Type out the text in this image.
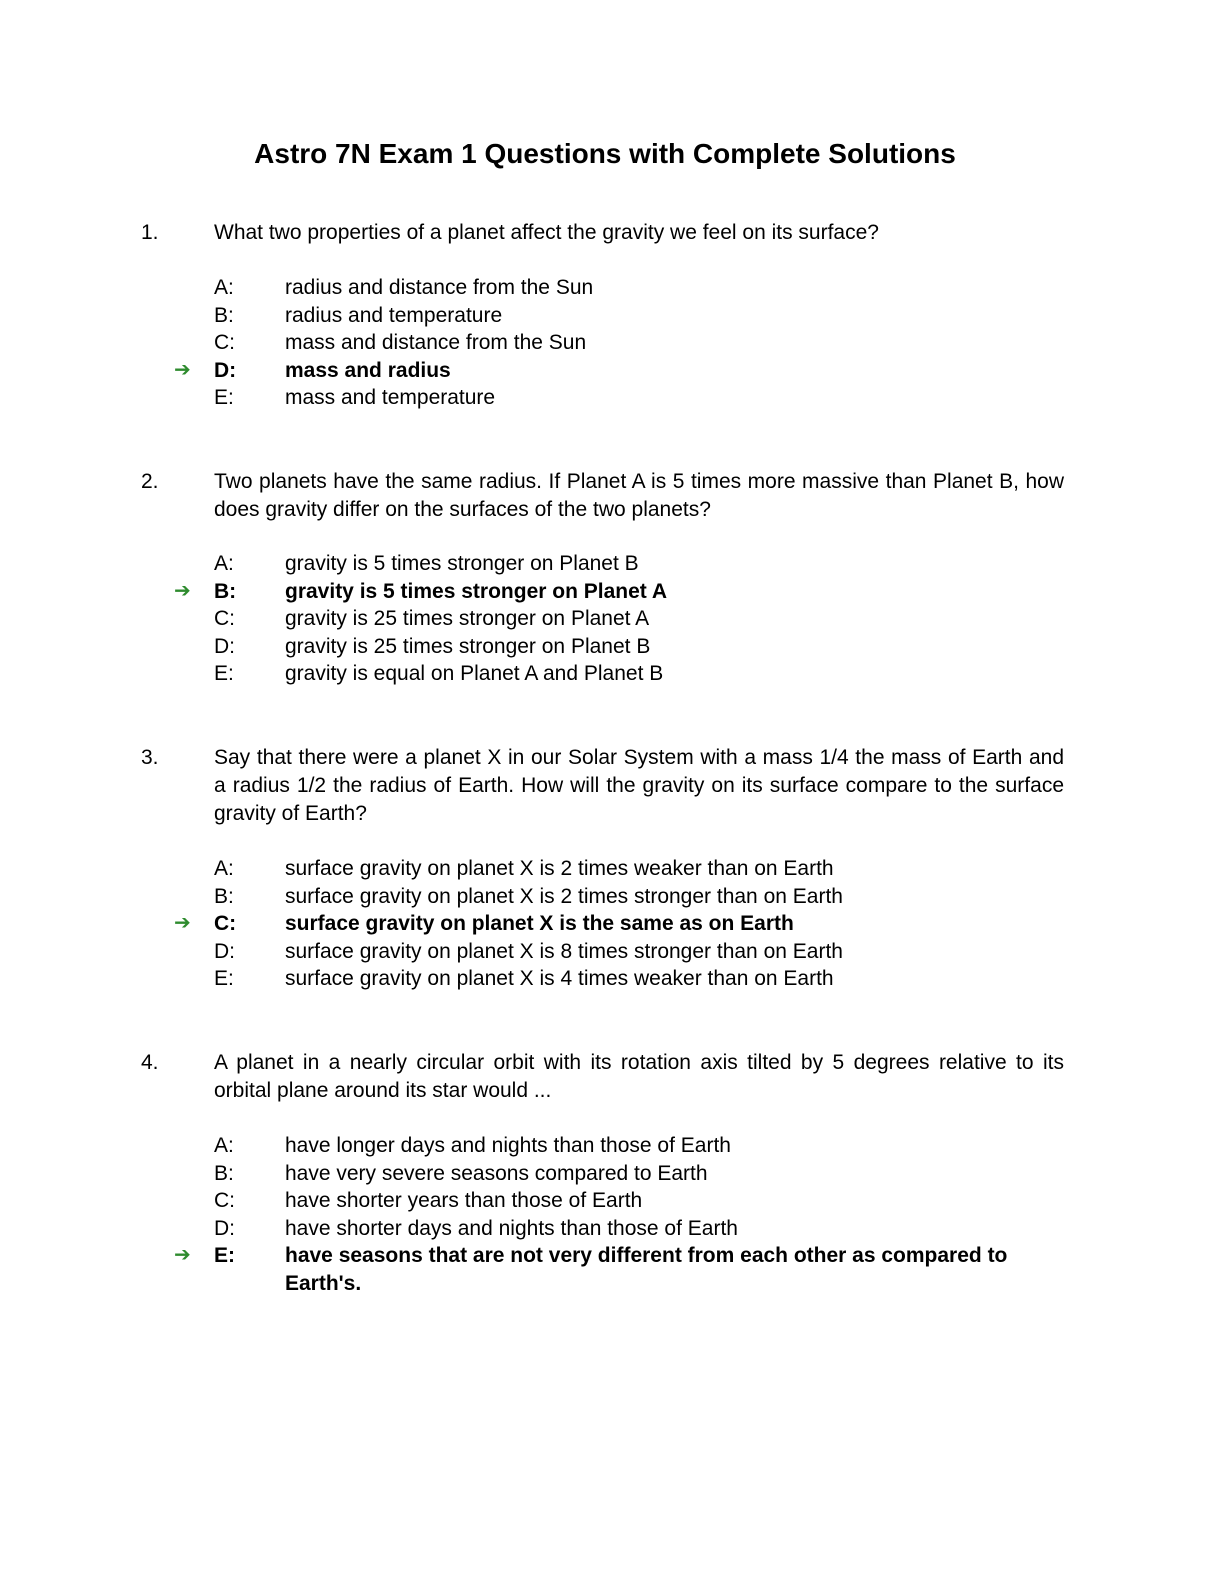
Astro 7N Exam 1 Questions with Complete Solutions
1.	What two properties of a planet affect the gravity we feel on its surface?
A: radius and distance from the Sun
B: radius and temperature
C: mass and distance from the Sun
➔ D: mass and radius
E: mass and temperature
2.	Two planets have the same radius. If Planet A is 5 times more massive than Planet B, how does gravity differ on the surfaces of the two planets?
A: gravity is 5 times stronger on Planet B
➔ B: gravity is 5 times stronger on Planet A
C: gravity is 25 times stronger on Planet A
D: gravity is 25 times stronger on Planet B
E: gravity is equal on Planet A and Planet B
3.	Say that there were a planet X in our Solar System with a mass 1/4 the mass of Earth and a radius 1/2 the radius of Earth. How will the gravity on its surface compare to the surface gravity of Earth?
A: surface gravity on planet X is 2 times weaker than on Earth
B: surface gravity on planet X is 2 times stronger than on Earth
➔ C: surface gravity on planet X is the same as on Earth
D: surface gravity on planet X is 8 times stronger than on Earth
E: surface gravity on planet X is 4 times weaker than on Earth
4.	A planet in a nearly circular orbit with its rotation axis tilted by 5 degrees relative to its orbital plane around its star would ...
A: have longer days and nights than those of Earth
B: have very severe seasons compared to Earth
C: have shorter years than those of Earth
D: have shorter days and nights than those of Earth
➔ E: have seasons that are not very different from each other as compared to Earth's.
